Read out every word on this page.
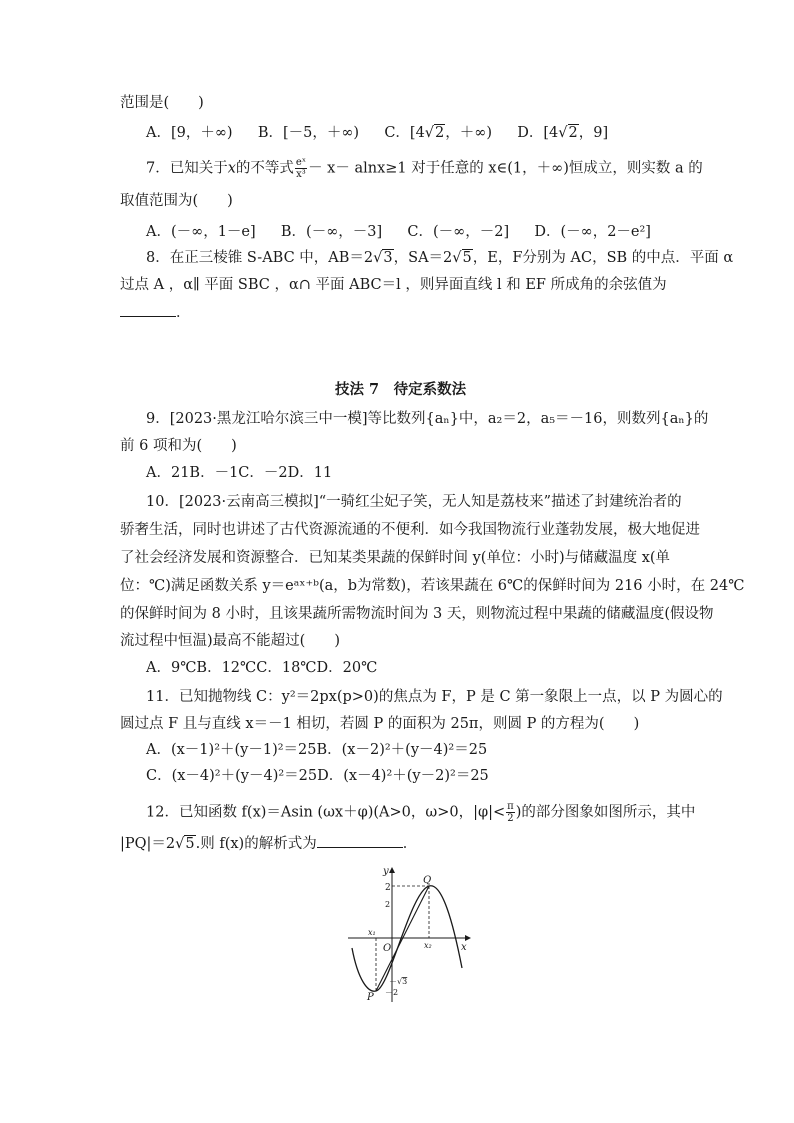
范围是(　　)
A．[9，＋∞) B．[－5，＋∞) C．[4√2，＋∞) D．[4√2，9]
7．已知关于x的不等式 $\frac{\text{eˣ}}{\text{x³}} - x- alnx\ge 1$ 对于任意的 x∈(1，＋∞)恒成立，则实数 a 的
取值范围为(　　)
A．(－∞，1－e] B．(－∞，－3] C．(－∞，－2] D．(－∞，2－e²]
8．在正三棱锥 S-ABC 中，AB＝2√3，SA＝2√5，E，F分别为 AC，SB 的中点．平面 α
过点 A ，α∥ 平面 SBC ，α∩ 平面 ABC＝l ，则异面直线 l 和 EF 所成角的余弦值为
．
技法 7　待定系数法
9．[2023·黑龙江哈尔滨三中一模]等比数列{aₙ}中，a₂＝2，a₅＝－16，则数列{aₙ}的
前 6 项和为(　　)
A．21B．－1C．－2D．11
10．[2023·云南高三模拟]“一骑红尘妃子笑，无人知是荔枝来”描述了封建统治者的
骄奢生活，同时也讲述了古代资源流通的不便利．如今我国物流行业蓬勃发展，极大地促进
了社会经济发展和资源整合．已知某类果蔬的保鲜时间 y(单位：小时)与储藏温度 x(单
位：℃)满足函数关系 y＝eᵃˣ⁺ᵇ(a，b为常数)，若该果蔬在 6℃的保鲜时间为 216 小时，在 24℃
的保鲜时间为 8 小时，且该果蔬所需物流时间为 3 天，则物流过程中果蔬的储藏温度(假设物
流过程中恒温)最高不能超过(　　)
A．9℃B．12℃C．18℃D．20℃
11．已知抛物线 C：y²＝2px(p>0)的焦点为 F，P 是 C 第一象限上一点，以 P 为圆心的
圆过点 F 且与直线 x＝－1 相切，若圆 P 的面积为 25π，则圆 P 的方程为(　　)
A．(x－1)²＋(y－1)²＝25B．(x－2)²＋(y－4)²＝25
C．(x－4)²＋(y－4)²＝25D．(x－4)²＋(y－2)²＝25
12．已知函数 f(x)＝Asin (ωx＋φ)(A>0，ω>0，$|\varphi|< \frac{\pi}{2}$ )的部分图象如图所示，其中
|PQ|＝2√5.则 f(x)的解析式为	．
y
x
O
Q
P
x₁
x₂
2
2
－√3
－2
